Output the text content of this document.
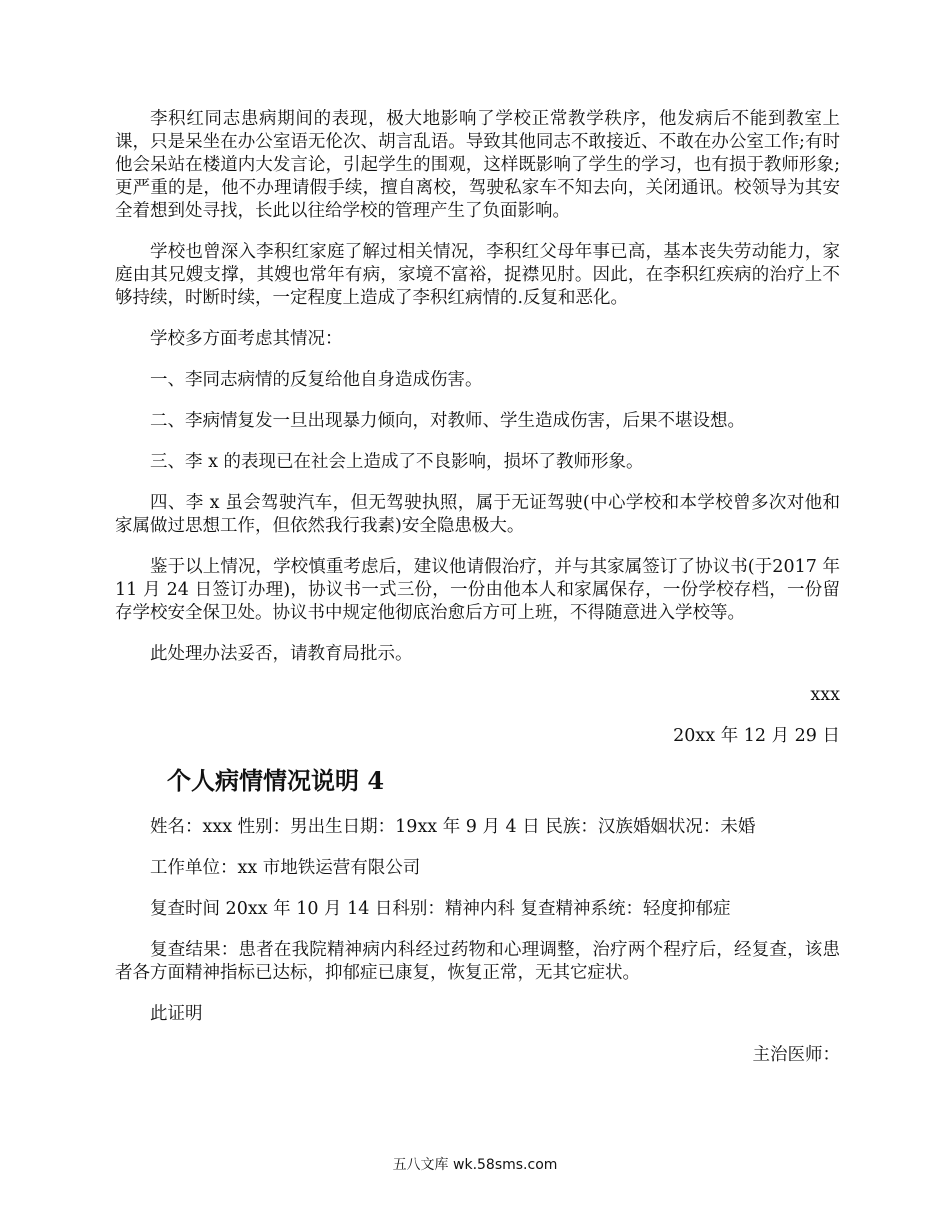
李积红同志患病期间的表现，极大地影响了学校正常教学秩序，他发病后不能到教室上课，只是呆坐在办公室语无伦次、胡言乱语。导致其他同志不敢接近、不敢在办公室工作;有时他会呆站在楼道内大发言论，引起学生的围观，这样既影响了学生的学习，也有损于教师形象;更严重的是，他不办理请假手续，擅自离校，驾驶私家车不知去向，关闭通讯。校领导为其安全着想到处寻找，长此以往给学校的管理产生了负面影响。

学校也曾深入李积红家庭了解过相关情况，李积红父母年事已高，基本丧失劳动能力，家庭由其兄嫂支撑，其嫂也常年有病，家境不富裕，捉襟见肘。因此，在李积红疾病的治疗上不够持续，时断时续，一定程度上造成了李积红病情的.反复和恶化。

学校多方面考虑其情况：

一、李同志病情的反复给他自身造成伤害。

二、李病情复发一旦出现暴力倾向，对教师、学生造成伤害，后果不堪设想。

三、李 x 的表现已在社会上造成了不良影响，损坏了教师形象。

四、李 x 虽会驾驶汽车，但无驾驶执照，属于无证驾驶(中心学校和本学校曾多次对他和家属做过思想工作，但依然我行我素)安全隐患极大。

鉴于以上情况，学校慎重考虑后，建议他请假治疗，并与其家属签订了协议书(于2017 年 11 月 24 日签订办理)，协议书一式三份，一份由他本人和家属保存，一份学校存档，一份留存学校安全保卫处。协议书中规定他彻底治愈后方可上班，不得随意进入学校等。

此处理办法妥否，请教育局批示。

xxx

20xx 年 12 月 29 日

个人病情情况说明 4

姓名：xxx 性别：男出生日期：19xx 年 9 月 4 日 民族：汉族婚姻状况：未婚

工作单位：xx 市地铁运营有限公司

复查时间 20xx 年 10 月 14 日科别：精神内科 复查精神系统：轻度抑郁症

复查结果：患者在我院精神病内科经过药物和心理调整，治疗两个程疗后，经复查，该患者各方面精神指标已达标，抑郁症已康复，恢复正常，无其它症状。

此证明

主治医师：

五八文库 wk.58sms.com
